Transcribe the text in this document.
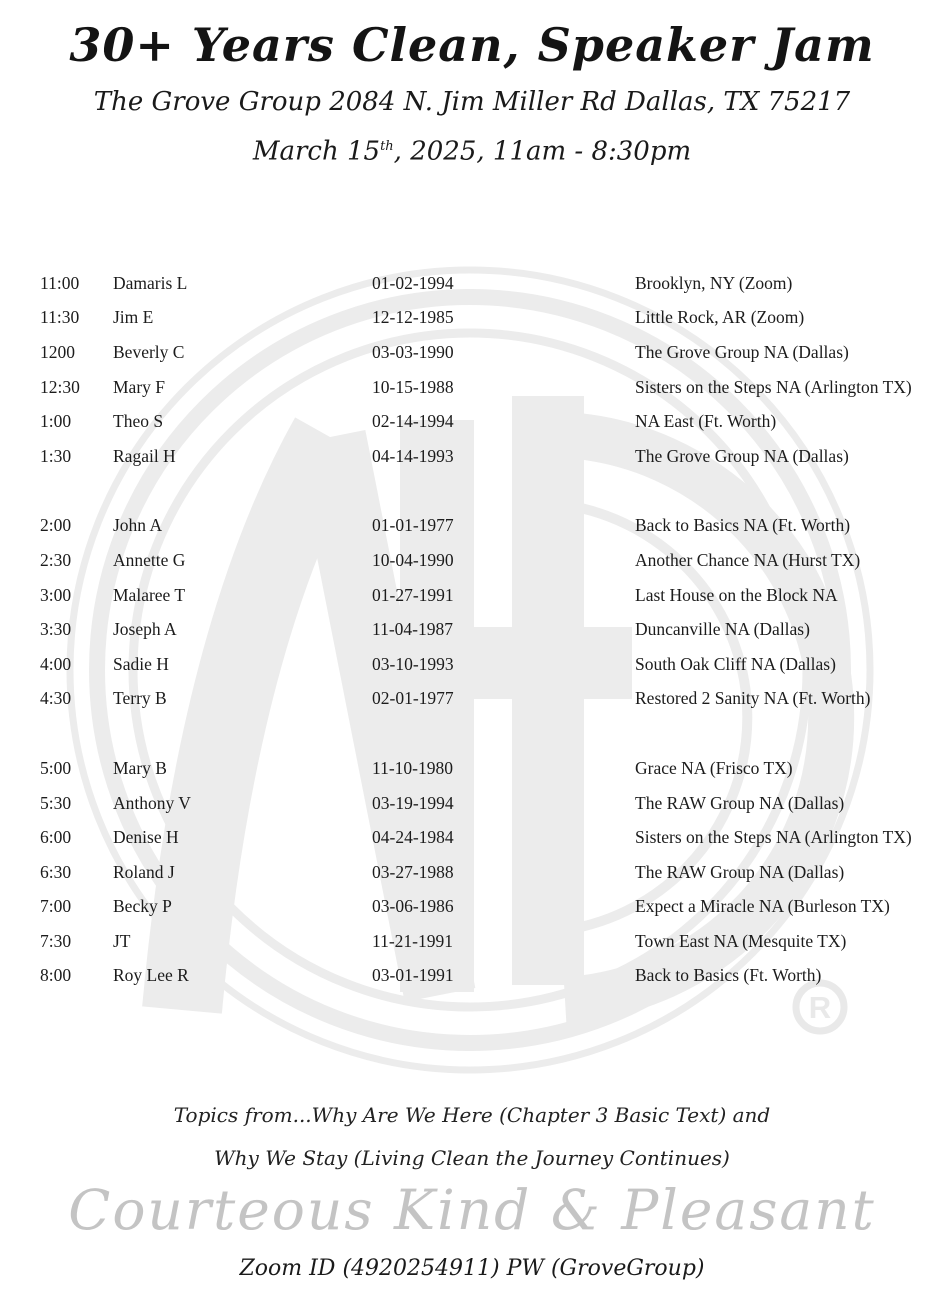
R
30+ Years Clean, Speaker Jam
The Grove Group 2084 N. Jim Miller Rd Dallas, TX 75217
March 15th, 2025, 11am - 8:30pm
11:00	Damaris L	01-02-1994	Brooklyn, NY (Zoom)
11:30	Jim E	12-12-1985	Little Rock, AR (Zoom)
1200	Beverly C	03-03-1990	The Grove Group NA (Dallas)
12:30	Mary F	10-15-1988	Sisters on the Steps NA (Arlington TX)
1:00	Theo S	02-14-1994	NA East (Ft. Worth)
1:30	Ragail H	04-14-1993	The Grove Group NA (Dallas)
2:00	John A	01-01-1977	Back to Basics NA (Ft. Worth)
2:30	Annette G	10-04-1990	Another Chance NA (Hurst TX)
3:00	Malaree T	01-27-1991	Last House on the Block NA
3:30	Joseph A	11-04-1987	Duncanville NA (Dallas)
4:00	Sadie H	03-10-1993	South Oak Cliff NA (Dallas)
4:30	Terry B	02-01-1977	Restored 2 Sanity NA (Ft. Worth)
5:00	Mary B	11-10-1980	Grace NA (Frisco TX)
5:30	Anthony V	03-19-1994	The RAW Group NA (Dallas)
6:00	Denise H	04-24-1984	Sisters on the Steps NA (Arlington TX)
6:30	Roland J	03-27-1988	The RAW Group NA (Dallas)
7:00	Becky P	03-06-1986	Expect a Miracle NA (Burleson TX)
7:30	JT	11-21-1991	Town East NA (Mesquite TX)
8:00	Roy Lee R	03-01-1991	Back to Basics (Ft. Worth)
Topics from...Why Are We Here (Chapter 3 Basic Text) and
Why We Stay (Living Clean the Journey Continues)
Courteous Kind & Pleasant
Zoom ID (4920254911) PW (GroveGroup)
